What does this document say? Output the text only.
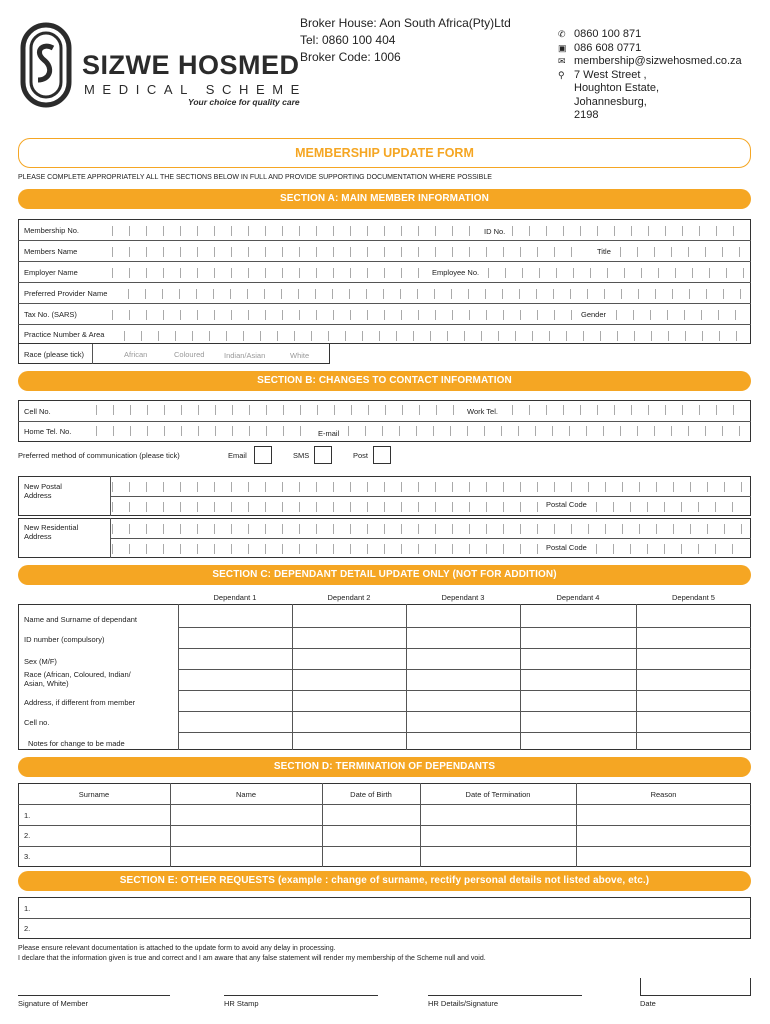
SIZWE HOSMED
MEDICAL SCHEME
Your choice for quality care
Broker House: Aon South Africa(Pty)Ltd
Tel: 0860 100 404
Broker Code: 1006
✆ 0860 100 871
▣ 086 608 0771
✉ membership@sizwehosmed.co.za
⚲ 7 West Street ,
Houghton Estate,
Johannesburg,
2198
MEMBERSHIP UPDATE FORM
PLEASE COMPLETE APPROPRIATELY ALL THE SECTIONS BELOW IN FULL AND PROVIDE SUPPORTING DOCUMENTATION WHERE POSSIBLE
SECTION A: MAIN MEMBER INFORMATION
Membership No.	ID No.
Members Name	Title
Employer Name	Employee No.
Preferred Provider Name
Tax No. (SARS)	Gender
Practice Number & Area
Race (please tick)	African	Coloured	Indian/Asian	White
SECTION B: CHANGES TO CONTACT INFORMATION
Cell No.	Work Tel.
Home Tel. No.	E-mail
Preferred method of communication (please tick)	Email	SMS	Post
New Postal
Address
Postal Code
New Residential
Address
Postal Code
SECTION C: DEPENDANT DETAIL UPDATE ONLY (NOT FOR ADDITION)
Dependant 1	Dependant 2	Dependant 3	Dependant 4	Dependant 5
Name and Surname of dependant
ID number (compulsory)
Sex (M/F)
Race (African, Coloured, Indian/
Asian, White)
Address, if different from member
Cell no.
Notes for change to be made
SECTION D: TERMINATION OF DEPENDANTS
Surname	Name	Date of Birth	Date of Termination	Reason
1.
2.
3.
SECTION E: OTHER REQUESTS (example : change of surname, rectify personal details not listed above, etc.)
1.
2.
Please ensure relevant documentation is attached to the update form to avoid any delay in processing.
I declare that the information given is true and correct and I am aware that any false statement will render my membership of the Scheme null and void.
Signature of Member	HR Stamp	HR Details/Signature	Date
